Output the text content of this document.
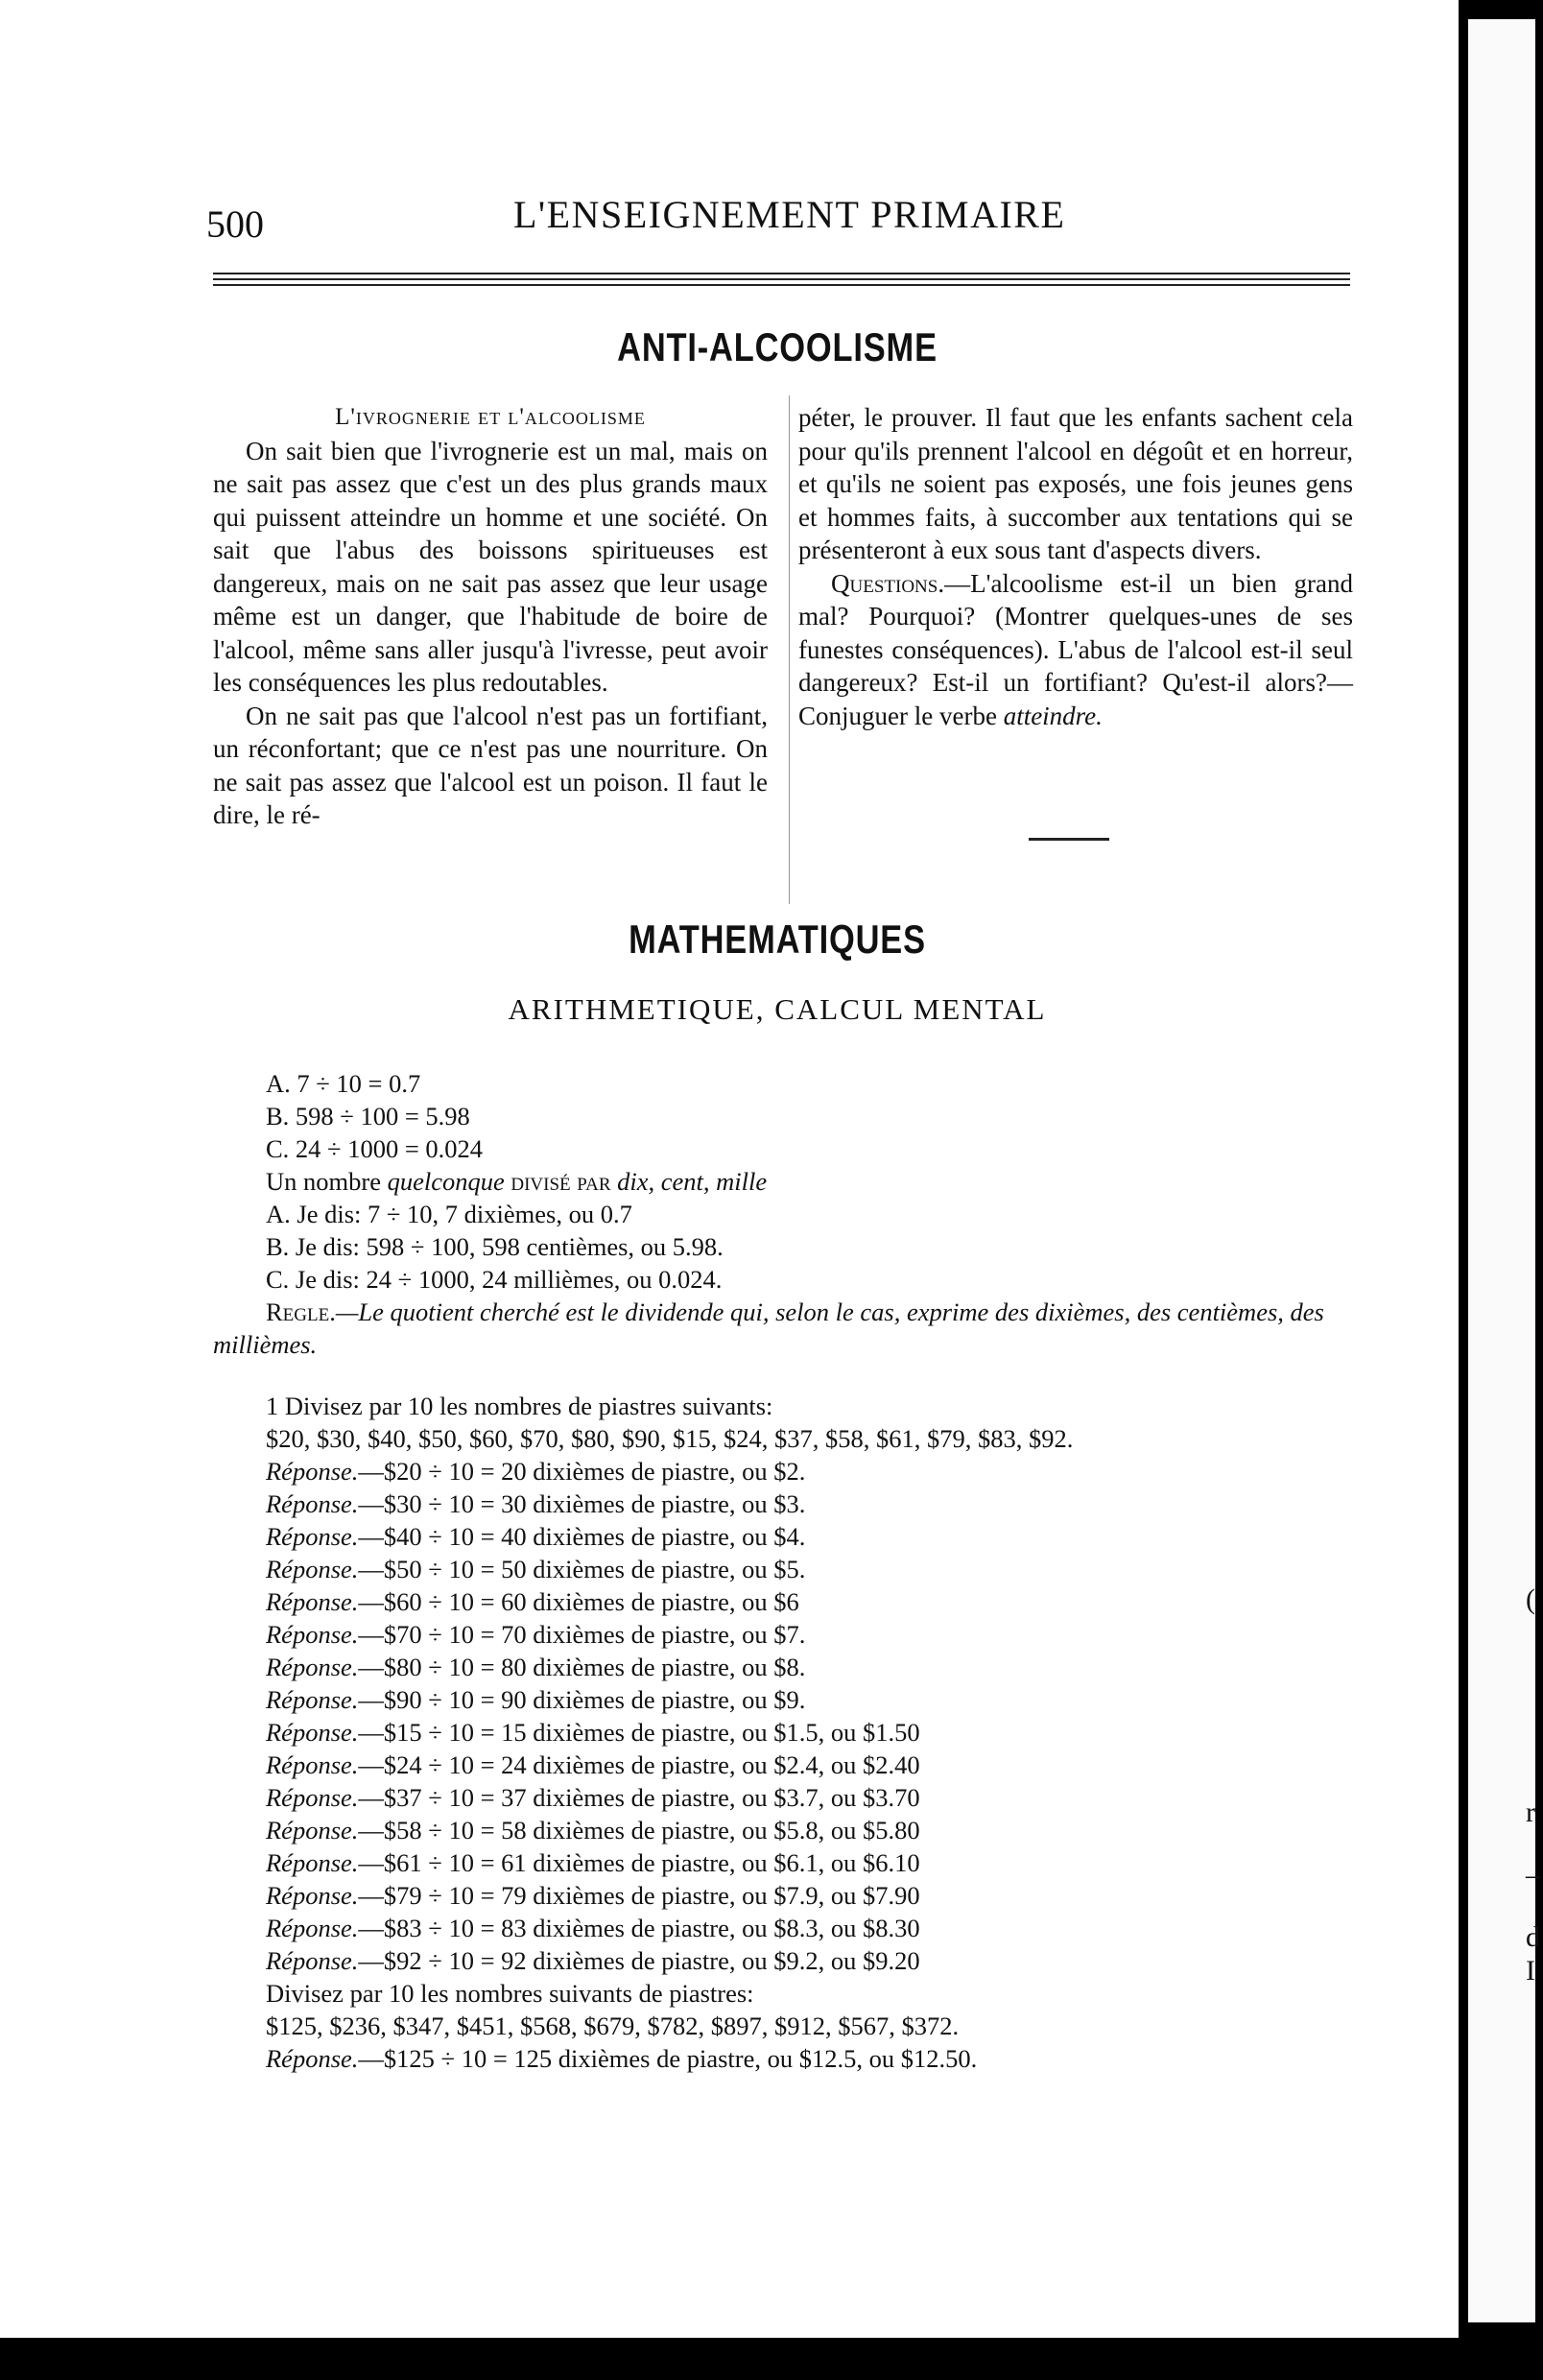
(
r
–
d
I
500	L'ENSEIGNEMENT PRIMAIRE
ANTI-ALCOOLISME

L'ivrognerie et l'alcoolisme

On sait bien que l'ivrognerie est un mal, mais on ne sait pas assez que c'est un des plus grands maux qui puissent atteindre un homme et une société. On sait que l'abus des boissons spiritueuses est dangereux, mais on ne sait pas assez que leur usage même est un danger, que l'habitude de boire de l'alcool, même sans aller jusqu'à l'ivresse, peut avoir les conséquences les plus redoutables.

On ne sait pas que l'alcool n'est pas un fortifiant, un réconfortant; que ce n'est pas une nourriture. On ne sait pas assez que l'alcool est un poison. Il faut le dire, le ré-

péter, le prouver. Il faut que les enfants sachent cela pour qu'ils prennent l'alcool en dégoût et en horreur, et qu'ils ne soient pas exposés, une fois jeunes gens et hommes faits, à succomber aux tentations qui se présenteront à eux sous tant d'aspects divers.

Questions.—L'alcoolisme est-il un bien grand mal? Pourquoi? (Montrer quelques-unes de ses funestes conséquences). L'abus de l'alcool est-il seul dangereux? Est-il un fortifiant? Qu'est-il alors?— Conjuguer le verbe atteindre.

MATHEMATIQUES
ARITHMETIQUE, CALCUL MENTAL
A. 7 ÷ 10 = 0.7
B. 598 ÷ 100 = 5.98
C. 24 ÷ 1000 = 0.024
Un nombre quelconque divisé par dix, cent, mille
A. Je dis: 7 ÷ 10, 7 dixièmes, ou 0.7
B. Je dis: 598 ÷ 100, 598 centièmes, ou 5.98.
C. Je dis: 24 ÷ 1000, 24 millièmes, ou 0.024.
Regle.—Le quotient cherché est le dividende qui, selon le cas, exprime des dixièmes, des centièmes, des millièmes.
1 Divisez par 10 les nombres de piastres suivants:
$20, $30, $40, $50, $60, $70, $80, $90, $15, $24, $37, $58, $61, $79, $83, $92.
Réponse.—$20 ÷ 10 = 20 dixièmes de piastre, ou $2.
Réponse.—$30 ÷ 10 = 30 dixièmes de piastre, ou $3.
Réponse.—$40 ÷ 10 = 40 dixièmes de piastre, ou $4.
Réponse.—$50 ÷ 10 = 50 dixièmes de piastre, ou $5.
Réponse.—$60 ÷ 10 = 60 dixièmes de piastre, ou $6
Réponse.—$70 ÷ 10 = 70 dixièmes de piastre, ou $7.
Réponse.—$80 ÷ 10 = 80 dixièmes de piastre, ou $8.
Réponse.—$90 ÷ 10 = 90 dixièmes de piastre, ou $9.
Réponse.—$15 ÷ 10 = 15 dixièmes de piastre, ou $1.5, ou $1.50
Réponse.—$24 ÷ 10 = 24 dixièmes de piastre, ou $2.4, ou $2.40
Réponse.—$37 ÷ 10 = 37 dixièmes de piastre, ou $3.7, ou $3.70
Réponse.—$58 ÷ 10 = 58 dixièmes de piastre, ou $5.8, ou $5.80
Réponse.—$61 ÷ 10 = 61 dixièmes de piastre, ou $6.1, ou $6.10
Réponse.—$79 ÷ 10 = 79 dixièmes de piastre, ou $7.9, ou $7.90
Réponse.—$83 ÷ 10 = 83 dixièmes de piastre, ou $8.3, ou $8.30
Réponse.—$92 ÷ 10 = 92 dixièmes de piastre, ou $9.2, ou $9.20
Divisez par 10 les nombres suivants de piastres:
$125, $236, $347, $451, $568, $679, $782, $897, $912, $567, $372.
Réponse.—$125 ÷ 10 = 125 dixièmes de piastre, ou $12.5, ou $12.50.
